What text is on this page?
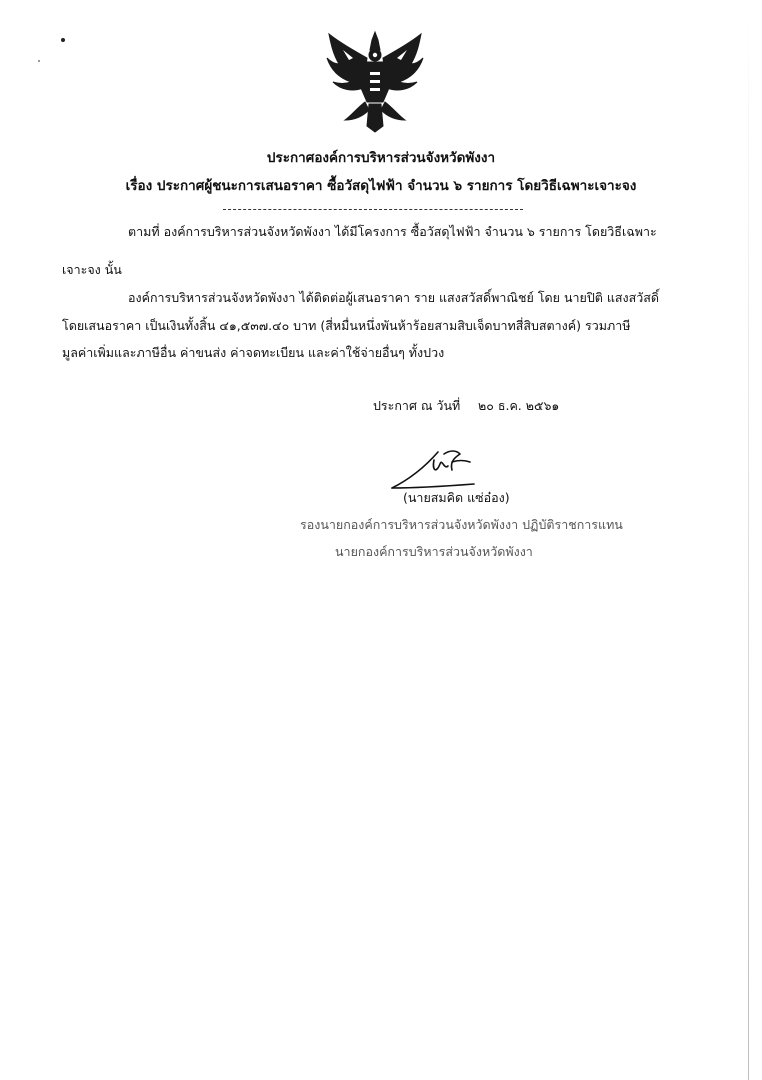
ประกาศองค์การบริหารส่วนจังหวัดพังงา
เรื่อง ประกาศผู้ชนะการเสนอราคา ซื้อวัสดุไฟฟ้า จำนวน ๖ รายการ โดยวิธีเฉพาะเจาะจง
ตามที่ องค์การบริหารส่วนจังหวัดพังงา ได้มีโครงการ ซื้อวัสดุไฟฟ้า จำนวน ๖ รายการ โดยวิธีเฉพาะ
เจาะจง นั้น
องค์การบริหารส่วนจังหวัดพังงา ได้ติดต่อผู้เสนอราคา ราย แสงสวัสดิ์พาณิชย์ โดย นายปิติ แสงสวัสดิ์
โดยเสนอราคา เป็นเงินทั้งสิ้น ๔๑,๕๓๗.๔๐ บาท (สี่หมื่นหนึ่งพันห้าร้อยสามสิบเจ็ดบาทสี่สิบสตางค์) รวมภาษี
มูลค่าเพิ่มและภาษีอื่น ค่าขนส่ง ค่าจดทะเบียน และค่าใช้จ่ายอื่นๆ ทั้งปวง
ประกาศ ณ วันที่ ๒๐ ธ.ค. ๒๕๖๑
(นายสมคิด แซ่อ๋อง)
รองนายกองค์การบริหารส่วนจังหวัดพังงา ปฏิบัติราชการแทน
นายกองค์การบริหารส่วนจังหวัดพังงา
